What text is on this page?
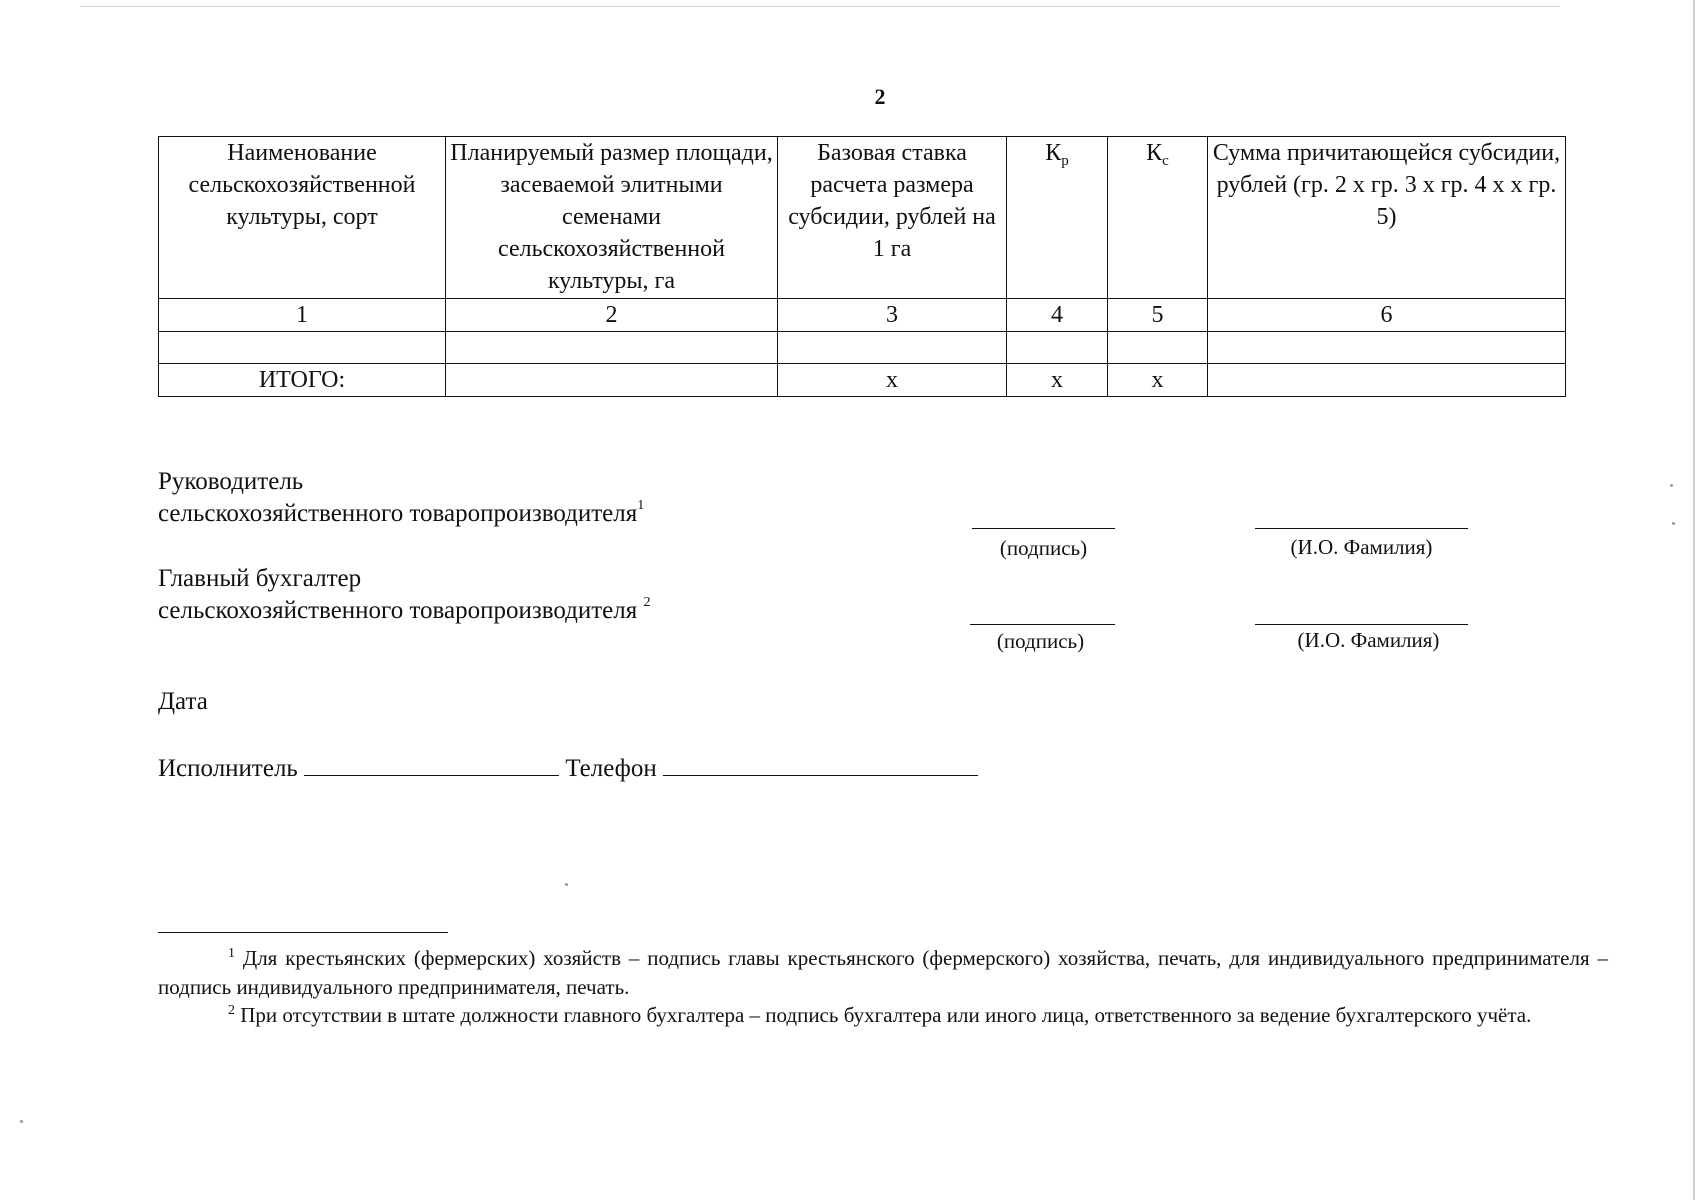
2
Наименование сельскохозяйственной культуры, сорт	Планируемый размер площади, засеваемой элитными семенами сельскохозяйственной культуры, га	Базовая ставка расчета размера субсидии, рублей на 1 га	$К_р$	$К_с$	Сумма причитающейся субсидии, рублей (гр. 2 х гр. 3 х гр. 4 х х гр. 5)
1	2	3	4	5	6

ИТОГО:		х	х	х	
Руководитель
сельскохозяйственного товаропроизводителя$^1$
(подпись)	(И.О. Фамилия)
Главный бухгалтер
сельскохозяйственного товаропроизводителя $^2$
(подпись)	(И.О. Фамилия)
Дата
Исполнитель	Телефон
$^1$ Для крестьянских (фермерских) хозяйств – подпись главы крестьянского (фермерского) хозяйства, печать, для индивидуального предпринимателя – подпись индивидуального предпринимателя, печать.
$^2$ При отсутствии в штате должности главного бухгалтера – подпись бухгалтера или иного лица, ответственного за ведение бухгалтерского учёта.
